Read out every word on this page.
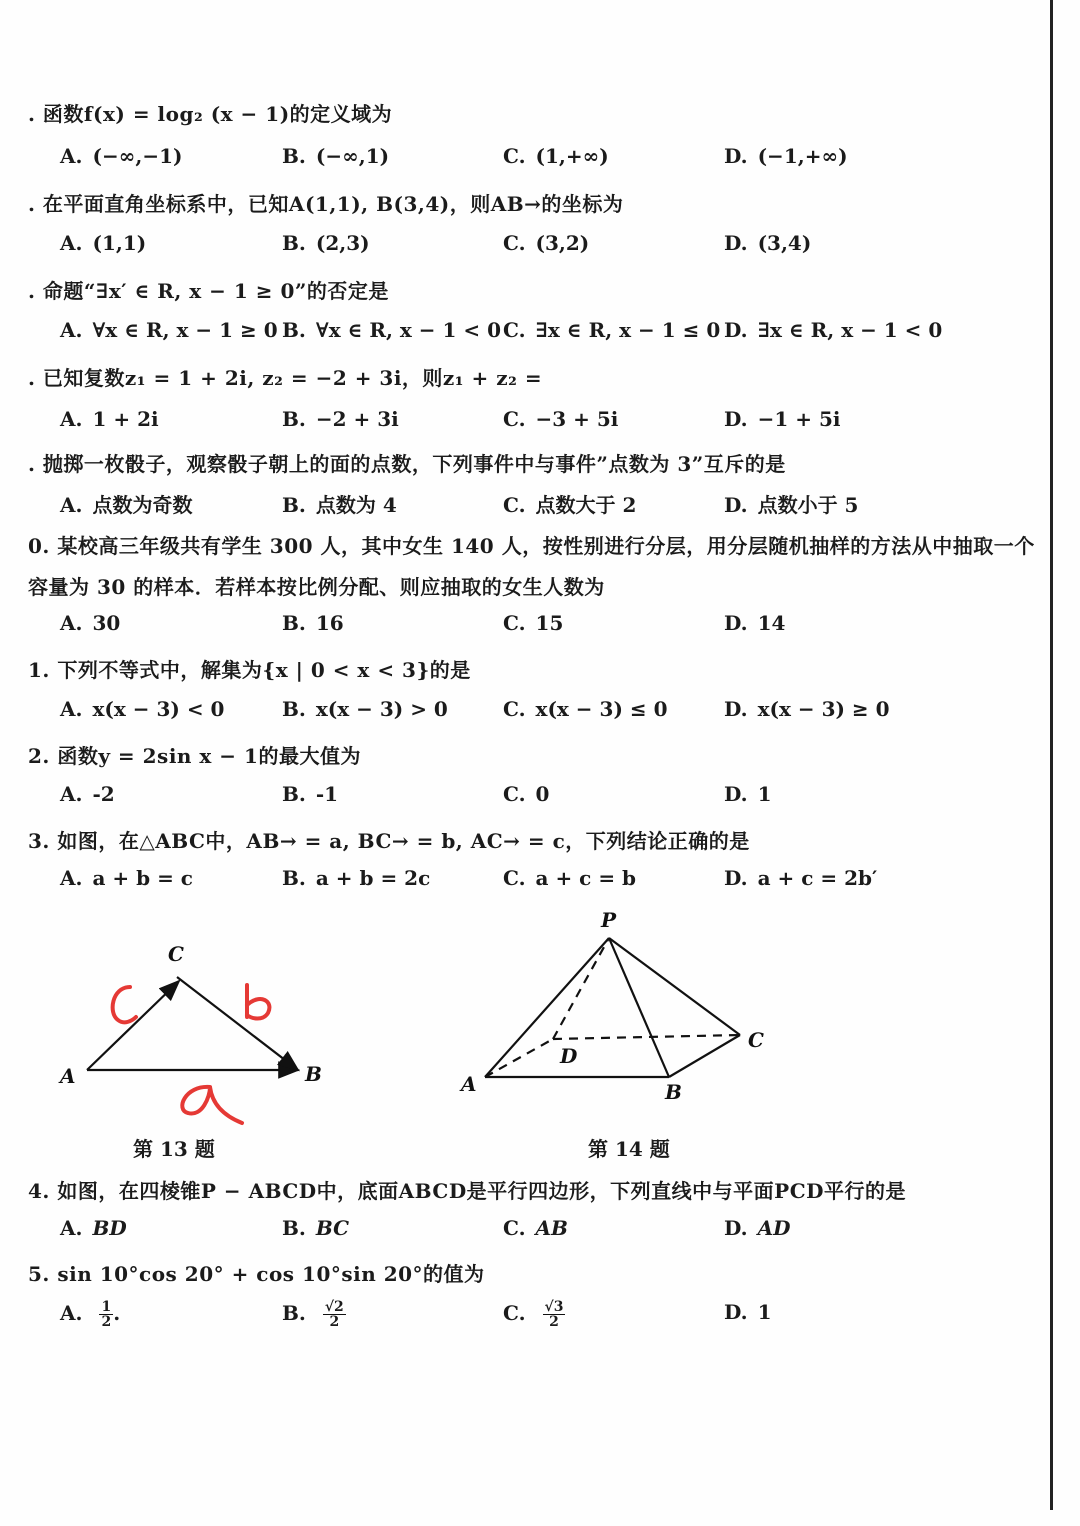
. 函数f(x) = log₂ (x − 1)的定义域为
A. (−∞,−1)	B. (−∞,1)	C. (1,+∞)	D. (−1,+∞)
. 在平面直角坐标系中，已知A(1,1), B(3,4)，则AB→的坐标为
A. (1,1)	B. (2,3)	C. (3,2)	D. (3,4)
. 命题“∃x′ ∈ R, x − 1 ≥ 0”的否定是
A. ∀x ∈ R, x − 1 ≥ 0 B. ∀x ∈ R, x − 1 < 0 C. ∃x ∈ R, x − 1 ≤ 0 D. ∃x ∈ R, x − 1 < 0
. 已知复数z₁ = 1 + 2i, z₂ = −2 + 3i，则z₁ + z₂ =
A. 1 + 2i	B. −2 + 3i	C. −3 + 5i	D. −1 + 5i
. 抛掷一枚骰子，观察骰子朝上的面的点数，下列事件中与事件”点数为 3”互斥的是
A. 点数为奇数	B. 点数为 4	C. 点数大于 2	D. 点数小于 5
0. 某校高三年级共有学生 300 人，其中女生 140 人，按性别进行分层，用分层随机抽样的方法从中抽取一个
容量为 30 的样本．若样本按比例分配、则应抽取的女生人数为
A. 30	B. 16	C. 15	D. 14
1. 下列不等式中，解集为{x | 0 < x < 3}的是
A. x(x − 3) < 0	B. x(x − 3) > 0	C. x(x − 3) ≤ 0	D. x(x − 3) ≥ 0
2. 函数y = 2sin x − 1的最大值为
A. -2	B. -1	C. 0	D. 1
3. 如图，在△ABC中，AB→ = a, BC→ = b, AC→ = c，下列结论正确的是
A. a + b = c	B. a + b = 2c	C. a + c = b	D. a + c = 2b′
A	B
C
第 13 题
P
A	B
C
D
第 14 题
4. 如图，在四棱锥P − ABCD中，底面ABCD是平行四边形，下列直线中与平面PCD平行的是
A. BD	B. BC	C. AB	D. AD
5. sin 10°cos 20° + cos 10°sin 20°的值为
A. $\frac{1}{2}$ .	B. $\frac{√2}{2}$	C. $\frac{√3}{2}$	D. 1
